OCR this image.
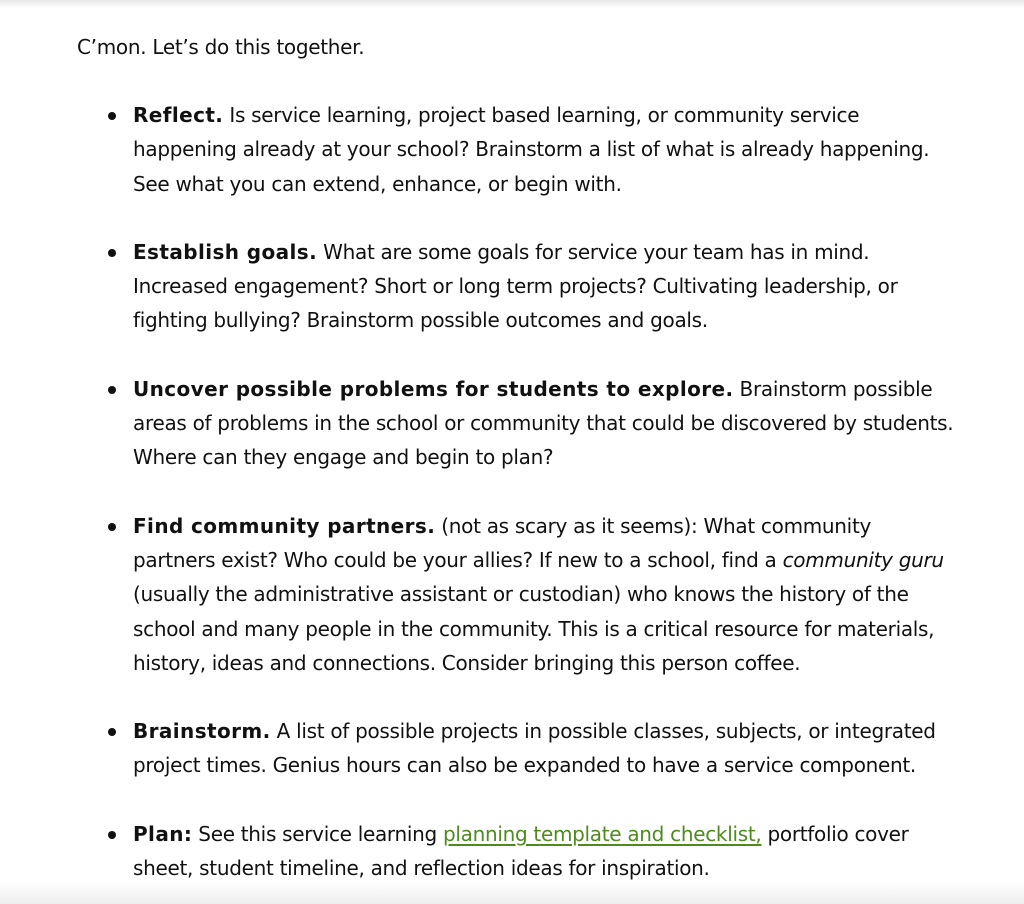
C’mon. Let’s do this together.

Reflect. Is service learning, project based learning, or community service happening already at your school? Brainstorm a list of what is already happening. See what you can extend, enhance, or begin with.
Establish goals. What are some goals for service your team has in mind. Increased engagement? Short or long term projects? Cultivating leadership, or fighting bullying? Brainstorm possible outcomes and goals.
Uncover possible problems for students to explore. Brainstorm possible areas of problems in the school or community that could be discovered by students. Where can they engage and begin to plan?
Find community partners. (not as scary as it seems): What community partners exist? Who could be your allies? If new to a school, find a community guru (usually the administrative assistant or custodian) who knows the history of the school and many people in the community. This is a critical resource for materials, history, ideas and connections. Consider bringing this person coffee.
Brainstorm. A list of possible projects in possible classes, subjects, or integrated project times. Genius hours can also be expanded to have a service component.
Plan: See this service learning planning template and checklist, portfolio cover sheet, student timeline, and reflection ideas for inspiration.
